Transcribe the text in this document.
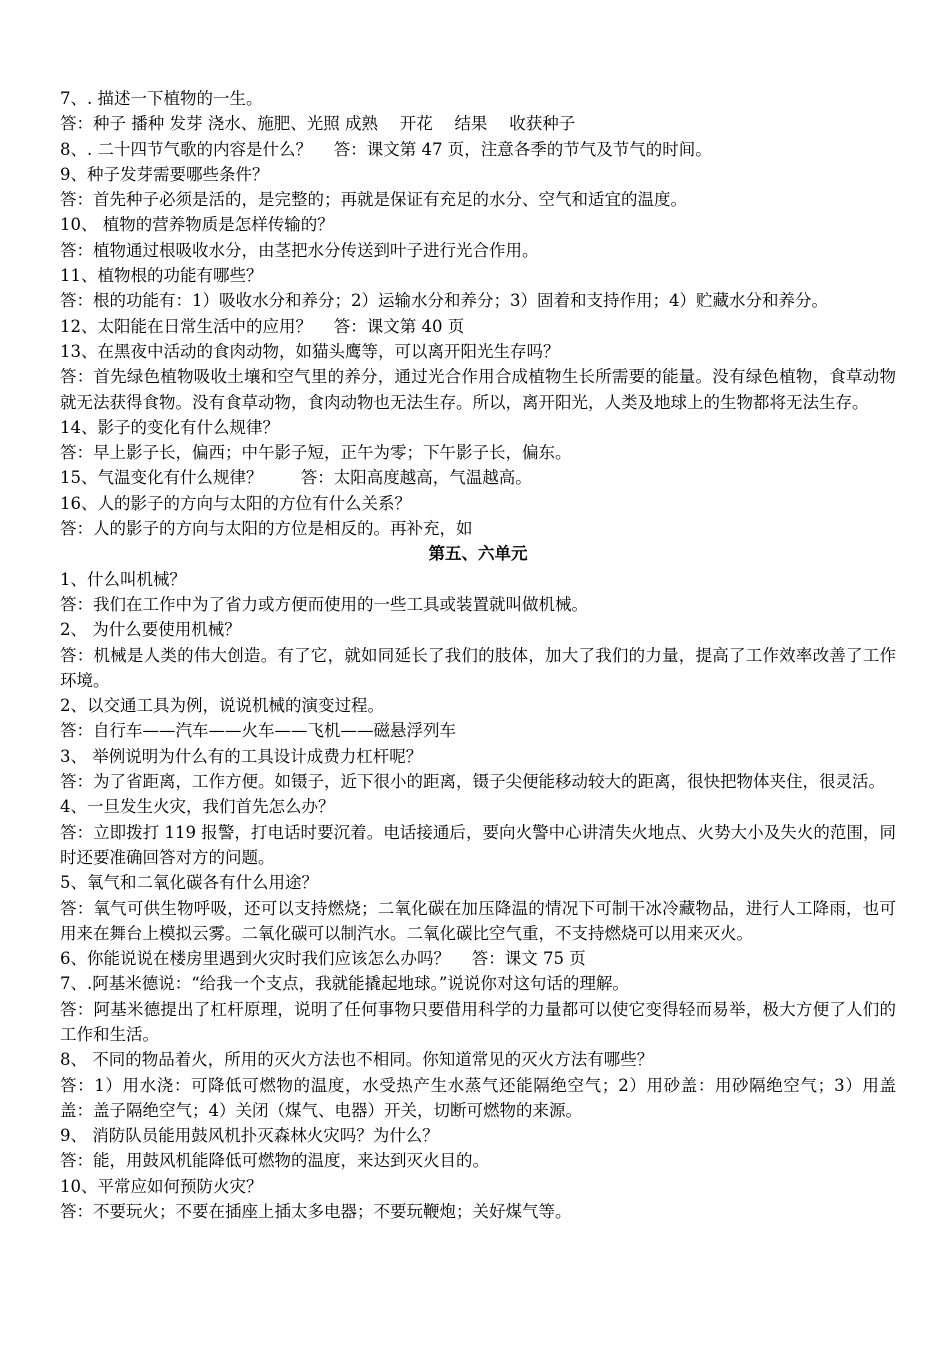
7、. 描述一下植物的一生。
答：种子 播种 发芽 浇水、施肥、光照 成熟　 开花　 结果　 收获种子
8、. 二十四节气歌的内容是什么？　 答：课文第 47 页，注意各季的节气及节气的时间。
9、种子发芽需要哪些条件？
答：首先种子必须是活的，是完整的；再就是保证有充足的水分、空气和适宜的温度。
10、 植物的营养物质是怎样传输的？
答：植物通过根吸收水分，由茎把水分传送到叶子进行光合作用。
11、植物根的功能有哪些？
答：根的功能有：1）吸收水分和养分；2）运输水分和养分；3）固着和支持作用；4）贮藏水分和养分。
12、太阳能在日常生活中的应用？　 答：课文第 40 页
13、在黑夜中活动的食肉动物，如猫头鹰等，可以离开阳光生存吗？
答：首先绿色植物吸收土壤和空气里的养分，通过光合作用合成植物生长所需要的能量。没有绿色植物，食草动物就无法获得食物。没有食草动物，食肉动物也无法生存。所以，离开阳光，人类及地球上的生物都将无法生存。
14、影子的变化有什么规律？
答：早上影子长，偏西；中午影子短，正午为零；下午影子长，偏东。
15、气温变化有什么规律？　　 答：太阳高度越高，气温越高。
16、人的影子的方向与太阳的方位有什么关系？
答：人的影子的方向与太阳的方位是相反的。再补充，如
第五、六单元
1、什么叫机械？
答：我们在工作中为了省力或方便而使用的一些工具或装置就叫做机械。
2、 为什么要使用机械？
答：机械是人类的伟大创造。有了它，就如同延长了我们的肢体，加大了我们的力量，提高了工作效率改善了工作环境。
2、以交通工具为例，说说机械的演变过程。
答：自行车——汽车——火车——飞机——磁悬浮列车
3、 举例说明为什么有的工具设计成费力杠杆呢？
答：为了省距离，工作方便。如镊子，近下很小的距离，镊子尖便能移动较大的距离，很快把物体夹住，很灵活。
4、一旦发生火灾，我们首先怎么办？
答：立即拨打 119 报警，打电话时要沉着。电话接通后，要向火警中心讲清失火地点、火势大小及失火的范围，同时还要准确回答对方的问题。
5、氧气和二氧化碳各有什么用途？
答：氧气可供生物呼吸，还可以支持燃烧；二氧化碳在加压降温的情况下可制干冰冷藏物品，进行人工降雨，也可用来在舞台上模拟云雾。二氧化碳可以制汽水。二氧化碳比空气重，不支持燃烧可以用来灭火。
6、你能说说在楼房里遇到火灾时我们应该怎么办吗？　 答：课文 75 页
7、.阿基米德说：“给我一个支点，我就能撬起地球。”说说你对这句话的理解。
答：阿基米德提出了杠杆原理，说明了任何事物只要借用科学的力量都可以使它变得轻而易举，极大方便了人们的工作和生活。
8、 不同的物品着火，所用的灭火方法也不相同。你知道常见的灭火方法有哪些？
答：1）用水浇：可降低可燃物的温度，水受热产生水蒸气还能隔绝空气；2）用砂盖：用砂隔绝空气；3）用盖盖：盖子隔绝空气；4）关闭（煤气、电器）开关，切断可燃物的来源。
9、 消防队员能用鼓风机扑灭森林火灾吗？为什么？
答：能，用鼓风机能降低可燃物的温度，来达到灭火目的。
10、平常应如何预防火灾？
答：不要玩火；不要在插座上插太多电器；不要玩鞭炮；关好煤气等。
